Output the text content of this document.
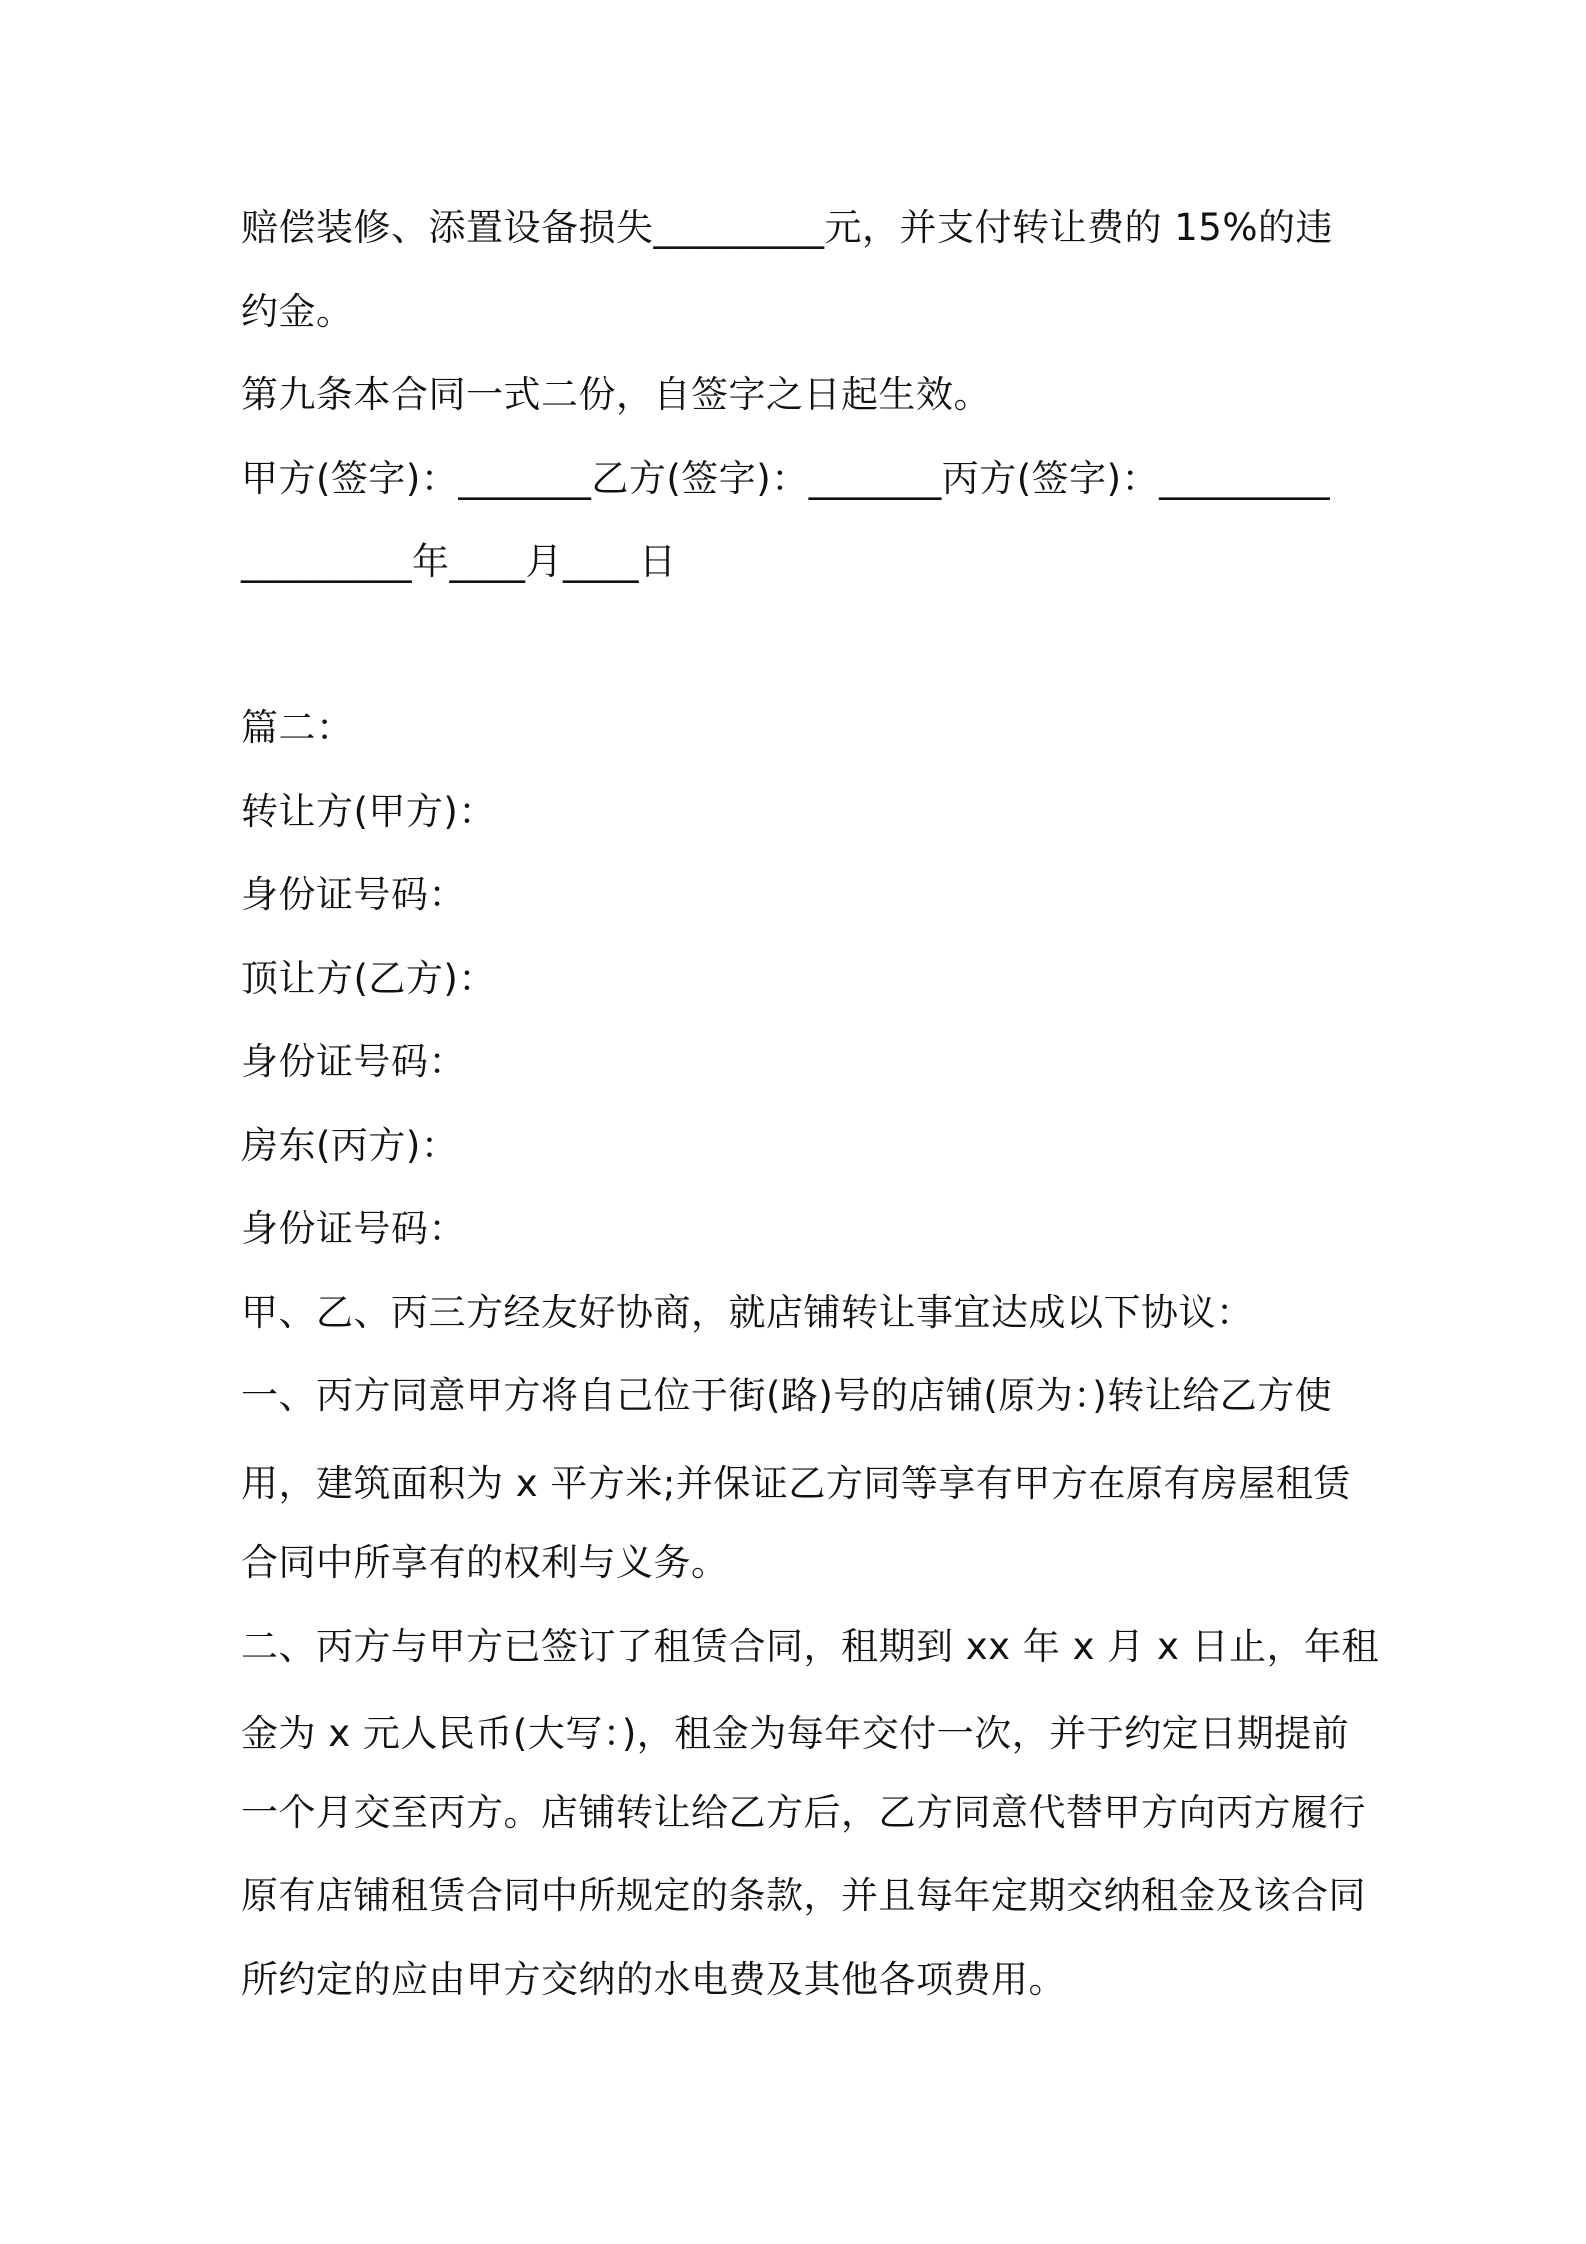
赔偿装修、添置设备损失_________元，并支付转让费的 15%的违
约金。
第九条本合同一式二份，自签字之日起生效。
甲方(签字)：_______乙方(签字)：_______丙方(签字)：_________
_________年____月____日
篇二：
转让方(甲方)：
身份证号码：
顶让方(乙方)：
身份证号码：
房东(丙方)：
身份证号码：
甲、乙、丙三方经友好协商，就店铺转让事宜达成以下协议：
一、丙方同意甲方将自己位于街(路)号的店铺(原为：)转让给乙方使
用，建筑面积为 x 平方米;并保证乙方同等享有甲方在原有房屋租赁
合同中所享有的权利与义务。
二、丙方与甲方已签订了租赁合同，租期到 xx 年 x 月 x 日止，年租
金为 x 元人民币(大写：)，租金为每年交付一次，并于约定日期提前
一个月交至丙方。店铺转让给乙方后，乙方同意代替甲方向丙方履行
原有店铺租赁合同中所规定的条款，并且每年定期交纳租金及该合同
所约定的应由甲方交纳的水电费及其他各项费用。
